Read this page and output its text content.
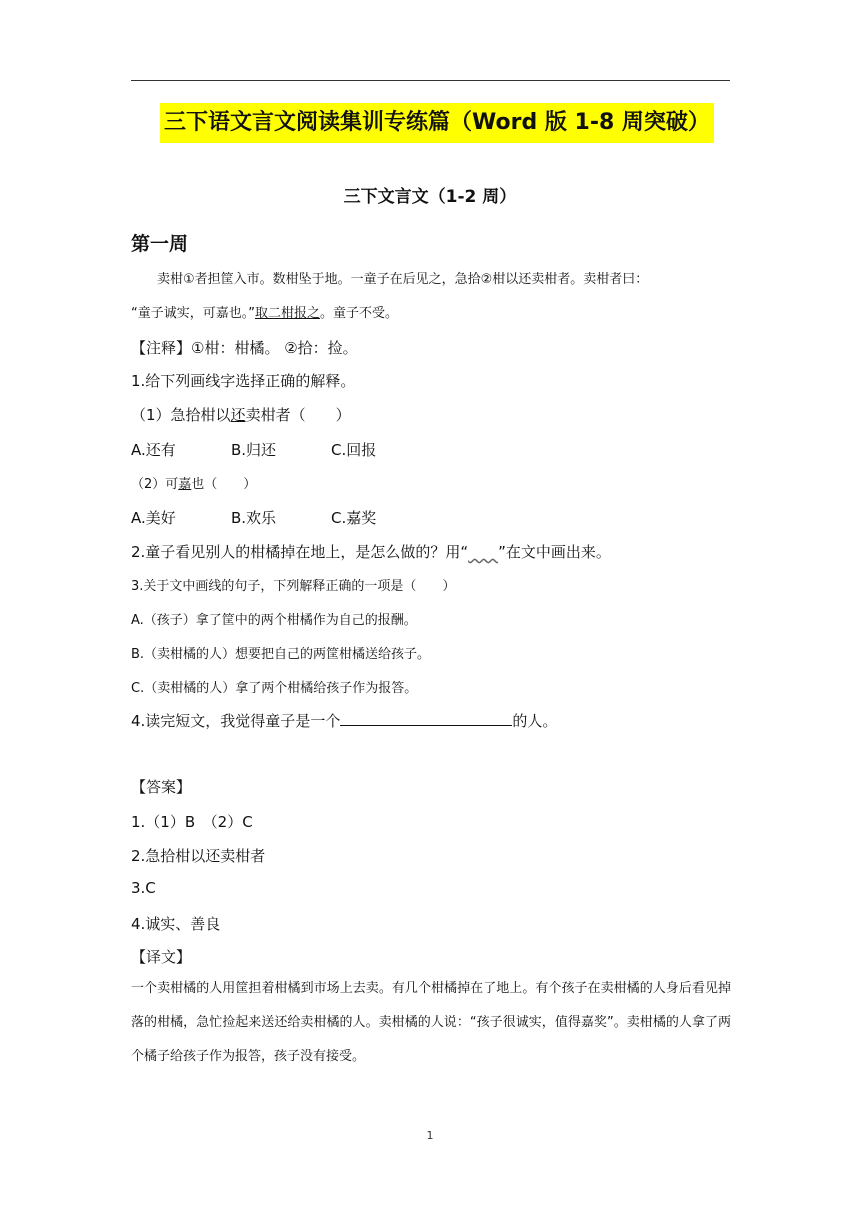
三下语文言文阅读集训专练篇（Word 版 1-8 周突破）
三下文言文（1-2 周）
第一周
卖柑①者担筐入市。数柑坠于地。一童子在后见之，急拾②柑以还卖柑者。卖柑者曰：
“童子诚实，可嘉也。”取二柑报之。童子不受。
【注释】①柑：柑橘。 ②拾：捡。
1.给下列画线字选择正确的解释。
（1）急拾柑以还卖柑者（　　）
A.还有	B.归还	C.回报
（2）可嘉也（　　）
A.美好	B.欢乐	C.嘉奖
2.童子看见别人的柑橘掉在地上，是怎么做的？用“　　 ”在文中画出来。
3.关于文中画线的句子，下列解释正确的一项是（　　）
A.（孩子）拿了筐中的两个柑橘作为自己的报酬。
B.（卖柑橘的人）想要把自己的两筐柑橘送给孩子。
C.（卖柑橘的人）拿了两个柑橘给孩子作为报答。
4.读完短文，我觉得童子是一个	的人。
【答案】
1.（1）B　（2）C
2.急拾柑以还卖柑者
3.C
4.诚实、善良
【译文】
一个卖柑橘的人用筐担着柑橘到市场上去卖。有几个柑橘掉在了地上。有个孩子在卖柑橘的人身后看见掉落的柑橘，急忙捡起来送还给卖柑橘的人。卖柑橘的人说：“孩子很诚实，值得嘉奖”。卖柑橘的人拿了两个橘子给孩子作为报答，孩子没有接受。
1
